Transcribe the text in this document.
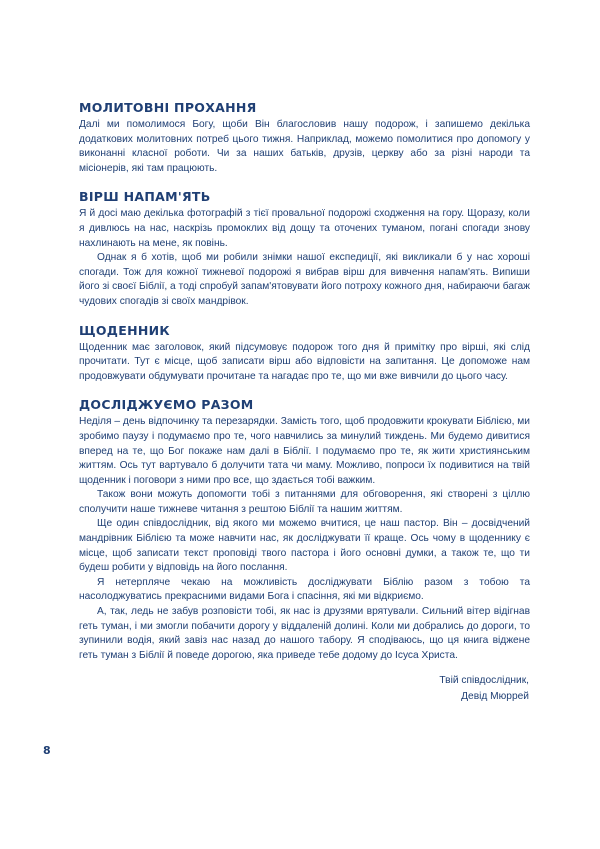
МОЛИТОВНІ ПРОХАННЯ

Далі ми помолимося Богу, щоби Він благословив нашу подорож, і запишемо декілька додаткових молитовних потреб цього тижня. Наприклад, можемо помолитися про допомогу у виконанні класної роботи. Чи за наших батьків, друзів, церкву або за різні народи та місіонерів, які там працюють.

ВІРШ НАПАМ'ЯТЬ

Я й досі маю декілька фотографій з тієї провальної подорожі сходження на гору. Щоразу, коли я дивлюсь на нас, наскрізь промоклих від дощу та оточених туманом, погані спогади знову нахлинають на мене, як повінь.

Однак я б хотів, щоб ми робили знімки нашої експедиції, які викликали б у нас хороші спогади. Тож для кожної тижневої подорожі я вибрав вірш для вивчення напам'ять. Випиши його зі своєї Біблії, а тоді спробуй запам'ятовувати його потроху кожного дня, набираючи багаж чудових спогадів зі своїх мандрівок.

ЩОДЕННИК

Щоденник має заголовок, який підсумовує подорож того дня й примітку про вірші, які слід прочитати. Тут є місце, щоб записати вірш або відповісти на запитання. Це допоможе нам продовжувати обдумувати прочитане та нагадає про те, що ми вже вивчили до цього часу.

ДОСЛІДЖУЄМО РАЗОМ

Неділя – день відпочинку та перезарядки. Замість того, щоб продовжити крокувати Біблією, ми зробимо паузу і подумаємо про те, чого навчились за минулий тиждень. Ми будемо дивитися вперед на те, що Бог покаже нам далі в Біблії. І подумаємо про те, як жити християнським життям. Ось тут вартувало б долучити тата чи маму. Можливо, попроси їх подивитися на твій щоденник і поговори з ними про все, що здається тобі важким.

Також вони можуть допомогти тобі з питаннями для обговорення, які створені з ціллю сполучити наше тижневе читання з рештою Біблії та нашим життям.

Ще один співдослідник, від якого ми можемо вчитися, це наш пастор. Він – досвідчений мандрівник Біблією та може навчити нас, як досліджувати її краще. Ось чому в щоденнику є місце, щоб записати текст проповіді твого пастора і його основні думки, а також те, що ти будеш робити у відповідь на його послання.

Я нетерпляче чекаю на можливість досліджувати Біблію разом з тобою та насолоджуватись прекрасними видами Бога і спасіння, які ми відкриємо.

А, так, ледь не забув розповісти тобі, як нас із друзями врятували. Сильний вітер відігнав геть туман, і ми змогли побачити дорогу у віддаленій долині. Коли ми добрались до дороги, то зупинили водія, який завіз нас назад до нашого табору. Я сподіваюсь, що ця книга віджене геть туман з Біблії й поведе дорогою, яка приведе тебе додому до Ісуса Христа.

Твій співдослідник,
Девід Мюррей
8
